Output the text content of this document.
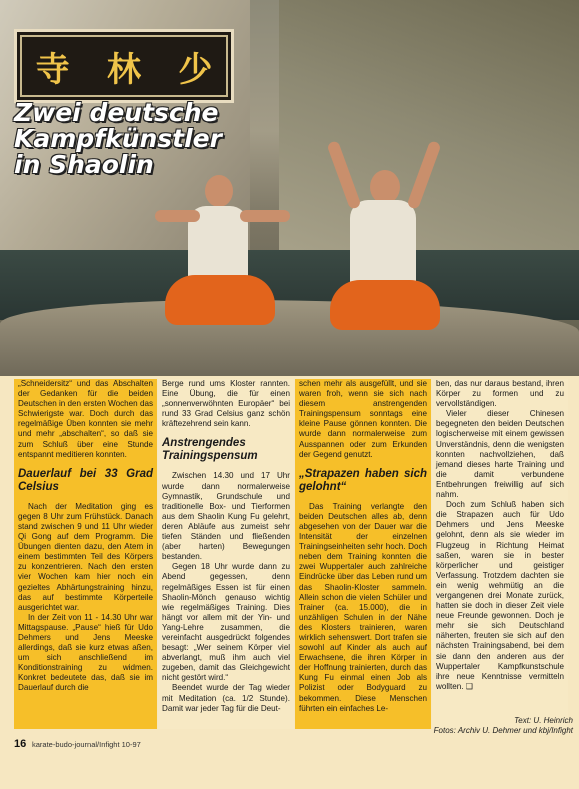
寺 林 少
Zwei deutsche
Kampfkünstler
in Shaolin

„Schneidersitz“ und das Abschalten der Gedanken für die beiden Deutschen in den ersten Wochen das Schwierigste war. Doch durch das regelmäßige Üben konnten sie mehr und mehr „abschalten“, so daß sie zum Schluß über eine Stunde entspannt meditieren konnten.

Dauerlauf bei 33 Grad Celsius

Nach der Meditation ging es gegen 8 Uhr zum Frühstück. Danach stand zwischen 9 und 11 Uhr wieder Qi Gong auf dem Programm. Die Übungen dienten dazu, den Atem in einem bestimmten Teil des Körpers zu konzentrieren. Nach den ersten vier Wochen kam hier noch ein gezieltes Abhärtungstraining hinzu, das auf bestimmte Körperteile ausgerichtet war.

In der Zeit von 11 - 14.30 Uhr war Mittagspause. „Pause“ hieß für Udo Dehmers und Jens Meeske allerdings, daß sie kurz etwas aßen, um sich anschließend im Konditionstraining zu widmen. Konkret bedeutete das, daß sie im Dauerlauf durch die

Berge rund ums Kloster rannten. Eine Übung, die für einen „sonnenverwöhnten Europäer“ bei rund 33 Grad Celsius ganz schön kräftezehrend sein kann.

Anstrengendes Trainingspensum

Zwischen 14.30 und 17 Uhr wurde dann normalerweise Gymnastik, Grundschule und traditionelle Box- und Tierformen aus dem Shaolin Kung Fu gelehrt, deren Abläufe aus zumeist sehr tiefen Ständen und fließenden (aber harten) Bewegungen bestanden.

Gegen 18 Uhr wurde dann zu Abend gegessen, denn regelmäßiges Essen ist für einen Shaolin-Mönch genauso wichtig wie regelmäßiges Training. Dies hängt vor allem mit der Yin- und Yang-Lehre zusammen, die vereinfacht ausgedrückt folgendes besagt: „Wer seinem Körper viel abverlangt, muß ihm auch viel zugeben, damit das Gleichgewicht nicht gestört wird.“

Beendet wurde der Tag wieder mit Meditation (ca. 1/2 Stunde). Damit war jeder Tag für die Deut-

schen mehr als ausgefüllt, und sie waren froh, wenn sie sich nach diesem anstrengenden Trainingspensum sonntags eine kleine Pause gönnen konnten. Die wurde dann normalerweise zum Ausspannen oder zum Erkunden der Gegend genutzt.

„Strapazen haben sich gelohnt“

Das Training verlangte den beiden Deutschen alles ab, denn abgesehen von der Dauer war die Intensität der einzelnen Trainingseinheiten sehr hoch. Doch neben dem Training konnten die zwei Wuppertaler auch zahlreiche Eindrücke über das Leben rund um das Shaolin-Kloster sammeln. Allein schon die vielen Schüler und Trainer (ca. 15.000), die in unzähligen Schulen in der Nähe des Klosters trainieren, waren wirklich sehenswert. Dort trafen sie sowohl auf Kinder als auch auf Erwachsene, die ihren Körper in der Hoffnung trainierten, durch das Kung Fu einmal einen Job als Polizist oder Bodyguard zu bekommen. Diese Menschen führten ein einfaches Le-

ben, das nur daraus bestand, ihren Körper zu formen und zu vervollständigen.

Vieler dieser Chinesen begegneten den beiden Deutschen logischerweise mit einem gewissen Unverständnis, denn die wenigsten konnten nachvollziehen, daß jemand dieses harte Training und die damit verbundene Entbehrungen freiwillig auf sich nahm.

Doch zum Schluß haben sich die Strapazen auch für Udo Dehmers und Jens Meeske gelohnt, denn als sie wieder im Flugzeug in Richtung Heimat saßen, waren sie in bester körperlicher und geistiger Verfassung. Trotzdem dachten sie ein wenig wehmütig an die vergangenen drei Monate zurück, hatten sie doch in dieser Zeit viele neue Freunde gewonnen. Doch je mehr sie sich Deutschland näherten, freuten sie sich auf den nächsten Trainingsabend, bei dem sie dann den anderen aus der Wuppertaler Kampfkunstschule ihre neue Kenntnisse vermitteln wollten. ❑

Text: U. Heinrich
Fotos: Archiv U. Dehmer und kbj/Infight
16 karate-budo-journal/Infight 10-97
